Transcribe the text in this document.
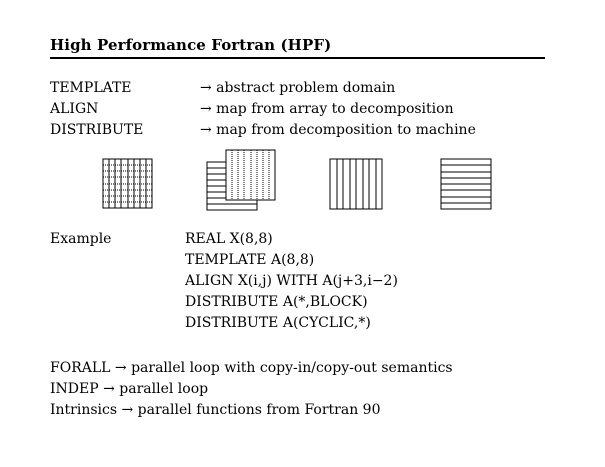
High Performance Fortran (HPF)
TEMPLATE	→ abstract problem domain
ALIGN	→ map from array to decomposition
DISTRIBUTE	→ map from decomposition to machine
Example	REAL X(8,8)
TEMPLATE A(8,8)
ALIGN X(i,j) WITH A(j+3,i−2)
DISTRIBUTE A(*,BLOCK)
DISTRIBUTE A(CYCLIC,*)
FORALL → parallel loop with copy-in/copy-out semantics
INDEP → parallel loop
Intrinsics → parallel functions from Fortran 90
